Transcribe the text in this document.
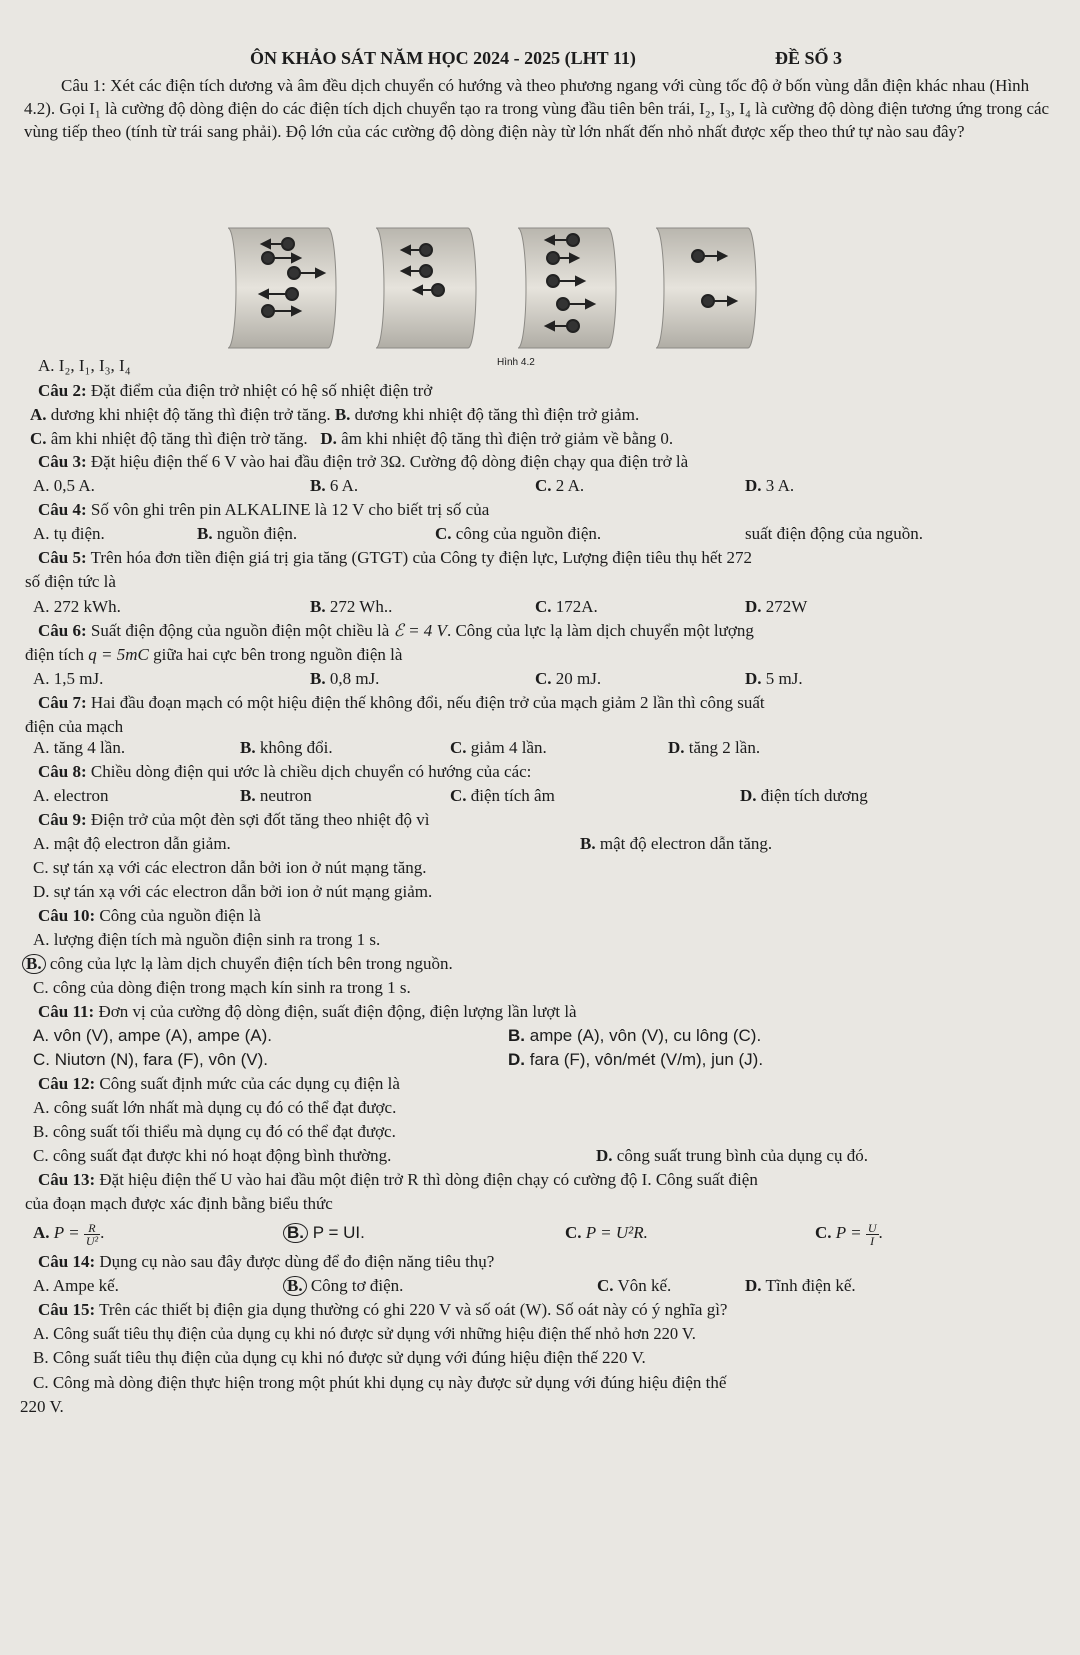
ÔN KHẢO SÁT NĂM HỌC 2024 - 2025 (LHT 11)	ĐỀ SỐ 3
Câu 1: Xét các điện tích dương và âm đều dịch chuyển có hướng và theo phương ngang với cùng tốc độ ở bốn vùng dẫn điện khác nhau (Hình 4.2). Gọi I₁ là cường độ dòng điện do các điện tích dịch chuyển tạo ra trong vùng đầu tiên bên trái, I₂, I₃, I₄ là cường độ dòng điện tương ứng trong các vùng tiếp theo (tính từ trái sang phải). Độ lớn của các cường độ dòng điện này từ lớn nhất đến nhỏ nhất được xếp theo thứ tự nào sau đây?
A. I₂, I₁, I₃, I₄	Hình 4.2
Câu 2: Đặt điểm của điện trở nhiệt có hệ số nhiệt điện trở
A. dương khi nhiệt độ tăng thì điện trở tăng. B. dương khi nhiệt độ tăng thì điện trở giảm.
C. âm khi nhiệt độ tăng thì điện trờ tăng. D. âm khi nhiệt độ tăng thì điện trở giảm về bằng 0.
Câu 3: Đặt hiệu điện thế 6 V vào hai đầu điện trở 3Ω. Cường độ dòng điện chạy qua điện trở là
A. 0,5 A.	B. 6 A.	C. 2 A.	D. 3 A.
Câu 4: Số vôn ghi trên pin ALKALINE là 12 V cho biết trị số của
A. tụ điện.	B. nguồn điện.	C. công của nguồn điện.	suất điện động của nguồn.
Câu 5: Trên hóa đơn tiền điện giá trị gia tăng (GTGT) của Công ty điện lực, Lượng điện tiêu thụ hết 272
số điện tức là
A. 272 kWh.	B. 272 Wh..	C. 172A.	D. 272W
Câu 6: Suất điện động của nguồn điện một chiều là ℰ = 4 V. Công của lực lạ làm dịch chuyển một lượng
điện tích q = 5mC giữa hai cực bên trong nguồn điện là
A. 1,5 mJ.	B. 0,8 mJ.	C. 20 mJ.	D. 5 mJ.
Câu 7: Hai đầu đoạn mạch có một hiệu điện thế không đổi, nếu điện trở của mạch giảm 2 lần thì công suất
điện của mạch
A. tăng 4 lần.	B. không đổi.	C. giảm 4 lần.	D. tăng 2 lần.
Câu 8: Chiều dòng điện qui ước là chiều dịch chuyển có hướng của các:
A. electron	B. neutron	C. điện tích âm	D. điện tích dương
Câu 9: Điện trở của một đèn sợi đốt tăng theo nhiệt độ vì
A. mật độ electron dẫn giảm.	B. mật độ electron dẫn tăng.
C. sự tán xạ với các electron dẫn bởi ion ở nút mạng tăng.
D. sự tán xạ với các electron dẫn bởi ion ở nút mạng giảm.
Câu 10: Công của nguồn điện là
A. lượng điện tích mà nguồn điện sinh ra trong 1 s.
B. công của lực lạ làm dịch chuyển điện tích bên trong nguồn.
C. công của dòng điện trong mạch kín sinh ra trong 1 s.
Câu 11: Đơn vị của cường độ dòng điện, suất điện động, điện lượng lần lượt là
A. vôn (V), ampe (A), ampe (A).	B. ampe (A), vôn (V), cu lông (C).
C. Niutơn (N), fara (F), vôn (V).	D. fara (F), vôn/mét (V/m), jun (J).
Câu 12: Công suất định mức của các dụng cụ điện là
A. công suất lớn nhất mà dụng cụ đó có thể đạt được.
B. công suất tối thiểu mà dụng cụ đó có thể đạt được.
C. công suất đạt được khi nó hoạt động bình thường.	D. công suất trung bình của dụng cụ đó.
Câu 13: Đặt hiệu điện thế U vào hai đầu một điện trở R thì dòng điện chạy có cường độ I. Công suất điện
của đoạn mạch được xác định bằng biểu thức
A. $P = \frac{R}{\text{U²}}$ .	B. P = UI.	C. P = U²R.	C. $P = \frac{U}{I}$ .
Câu 14: Dụng cụ nào sau đây được dùng để đo điện năng tiêu thụ?
A. Ampe kế.	B. Công tơ điện.	C. Vôn kế.	D. Tĩnh điện kế.
Câu 15: Trên các thiết bị điện gia dụng thường có ghi 220 V và số oát (W). Số oát này có ý nghĩa gì?
A. Công suất tiêu thụ điện của dụng cụ khi nó được sử dụng với những hiệu điện thế nhỏ hơn 220 V.
B. Công suất tiêu thụ điện của dụng cụ khi nó được sử dụng với đúng hiệu điện thế 220 V.
C. Công mà dòng điện thực hiện trong một phút khi dụng cụ này được sử dụng với đúng hiệu điện thế
220 V.
